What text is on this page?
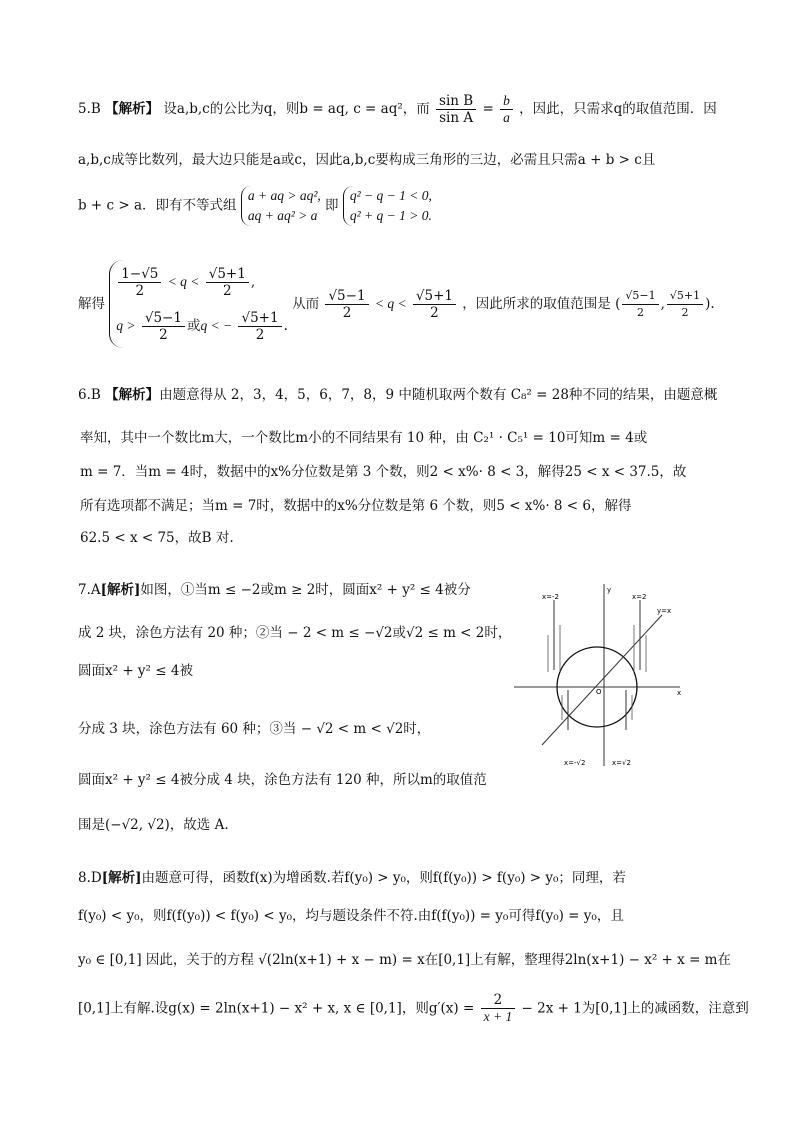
5.B 【解析】 设a,b,c的公比为q，则b = aq, c = aq²，而 $\frac{\text{sin B}}{\text{sin A}} = \frac{b}{a}$ ，因此，只需求q的取值范围．因
a,b,c成等比数列，最大边只能是a或c，因此a,b,c要构成三角形的三边，必需且只需a + b > c且
b + c > a．即有不等式组
a + aq > aq²,
aq + aq² > a
即
q² − q − 1 < 0,
q² + q − 1 > 0.
解得
$\frac{1-√5}{2} < q < \frac{√5+1}{2}$ ,
$q > \frac{√5-1}{2}$ 或q < − $\frac{√5+1}{2}$ .
从而 $\frac{√5-1}{2} < q < \frac{√5+1}{2}$ ，因此所求的取值范围是 ( $\frac{√5-1}{2}$ , $\frac{√5+1}{2}$ ).
6.B 【解析】由题意得从 2，3，4，5，6，7，8，9 中随机取两个数有 C₈² = 28种不同的结果，由题意概
率知，其中一个数比m大，一个数比m小的不同结果有 10 种，由 C₂¹ · C₅¹ = 10可知m = 4或
m = 7．当m = 4时，数据中的x%分位数是第 3 个数，则2 < x%· 8 < 3，解得25 < x < 37.5，故
所有选项都不满足；当m = 7时，数据中的x%分位数是第 6 个数，则5 < x%· 8 < 6，解得
62.5 < x < 75，故B 对.
7.A[解析]如图，①当m ≤ −2或m ≥ 2时，圆面x² + y² ≤ 4被分
成 2 块，涂色方法有 20 种；②当 − 2 < m ≤ −√2或√2 ≤ m < 2时，
圆面x² + y² ≤ 4被
分成 3 块，涂色方法有 60 种；③当 − √2 < m < √2时，
圆面x² + y² ≤ 4被分成 4 块，涂色方法有 120 种，所以m的取值范
围是(−√2, √2)，故选 A.
x=-2	x=2
y=x
y
x
O
x=-√2	x=√2
8.D[解析]由题意可得，函数f(x)为增函数.若f(y₀) > y₀，则f(f(y₀)) > f(y₀) > y₀；同理，若
f(y₀) < y₀，则f(f(y₀)) < f(y₀) < y₀，均与题设条件不符.由f(f(y₀)) = y₀可得f(y₀) = y₀，且
y₀ ∈ [0,1] 因此，关于的方程 √(2ln(x+1) + x − m) = x在[0,1]上有解，整理得2ln(x+1) − x² + x = m在
[0,1]上有解.设g(x) = 2ln(x+1) − x² + x, x ∈ [0,1]，则$g'(x) = \frac{2}{x + 1} - 2x + 1$为[0,1]上的减函数，注意到
